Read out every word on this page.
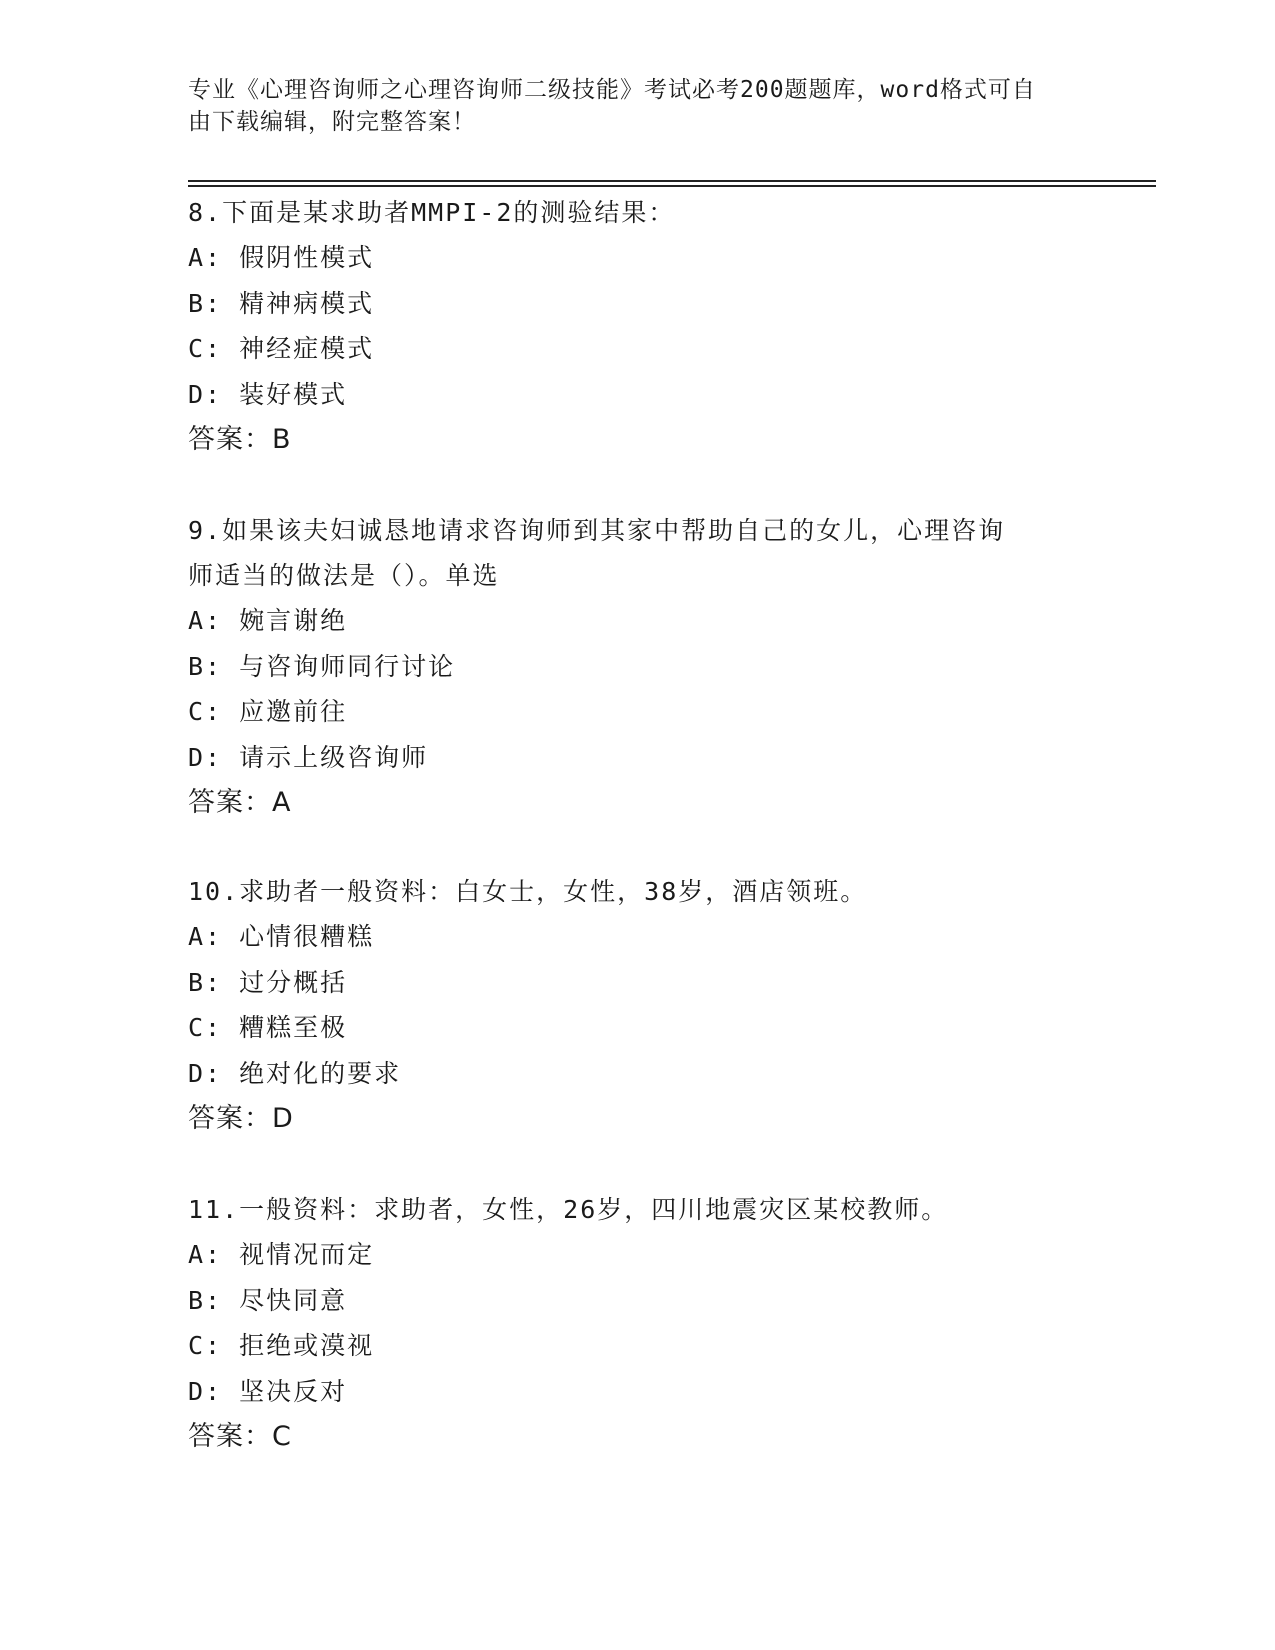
专业《心理咨询师之心理咨询师二级技能》考试必考200题题库，word格式可自
由下载编辑，附完整答案！
8.下面是某求助者MMPI-2的测验结果：
A: 假阴性模式
B: 精神病模式
C: 神经症模式
D: 装好模式
答案：B
9.如果该夫妇诚恳地请求咨询师到其家中帮助自己的女儿，心理咨询
师适当的做法是（）。单选
A: 婉言谢绝
B: 与咨询师同行讨论
C: 应邀前往
D: 请示上级咨询师
答案：A
10.求助者一般资料：白女士，女性，38岁，酒店领班。
A: 心情很糟糕
B: 过分概括
C: 糟糕至极
D: 绝对化的要求
答案：D
11.一般资料：求助者，女性，26岁，四川地震灾区某校教师。
A: 视情况而定
B: 尽快同意
C: 拒绝或漠视
D: 坚决反对
答案：C
